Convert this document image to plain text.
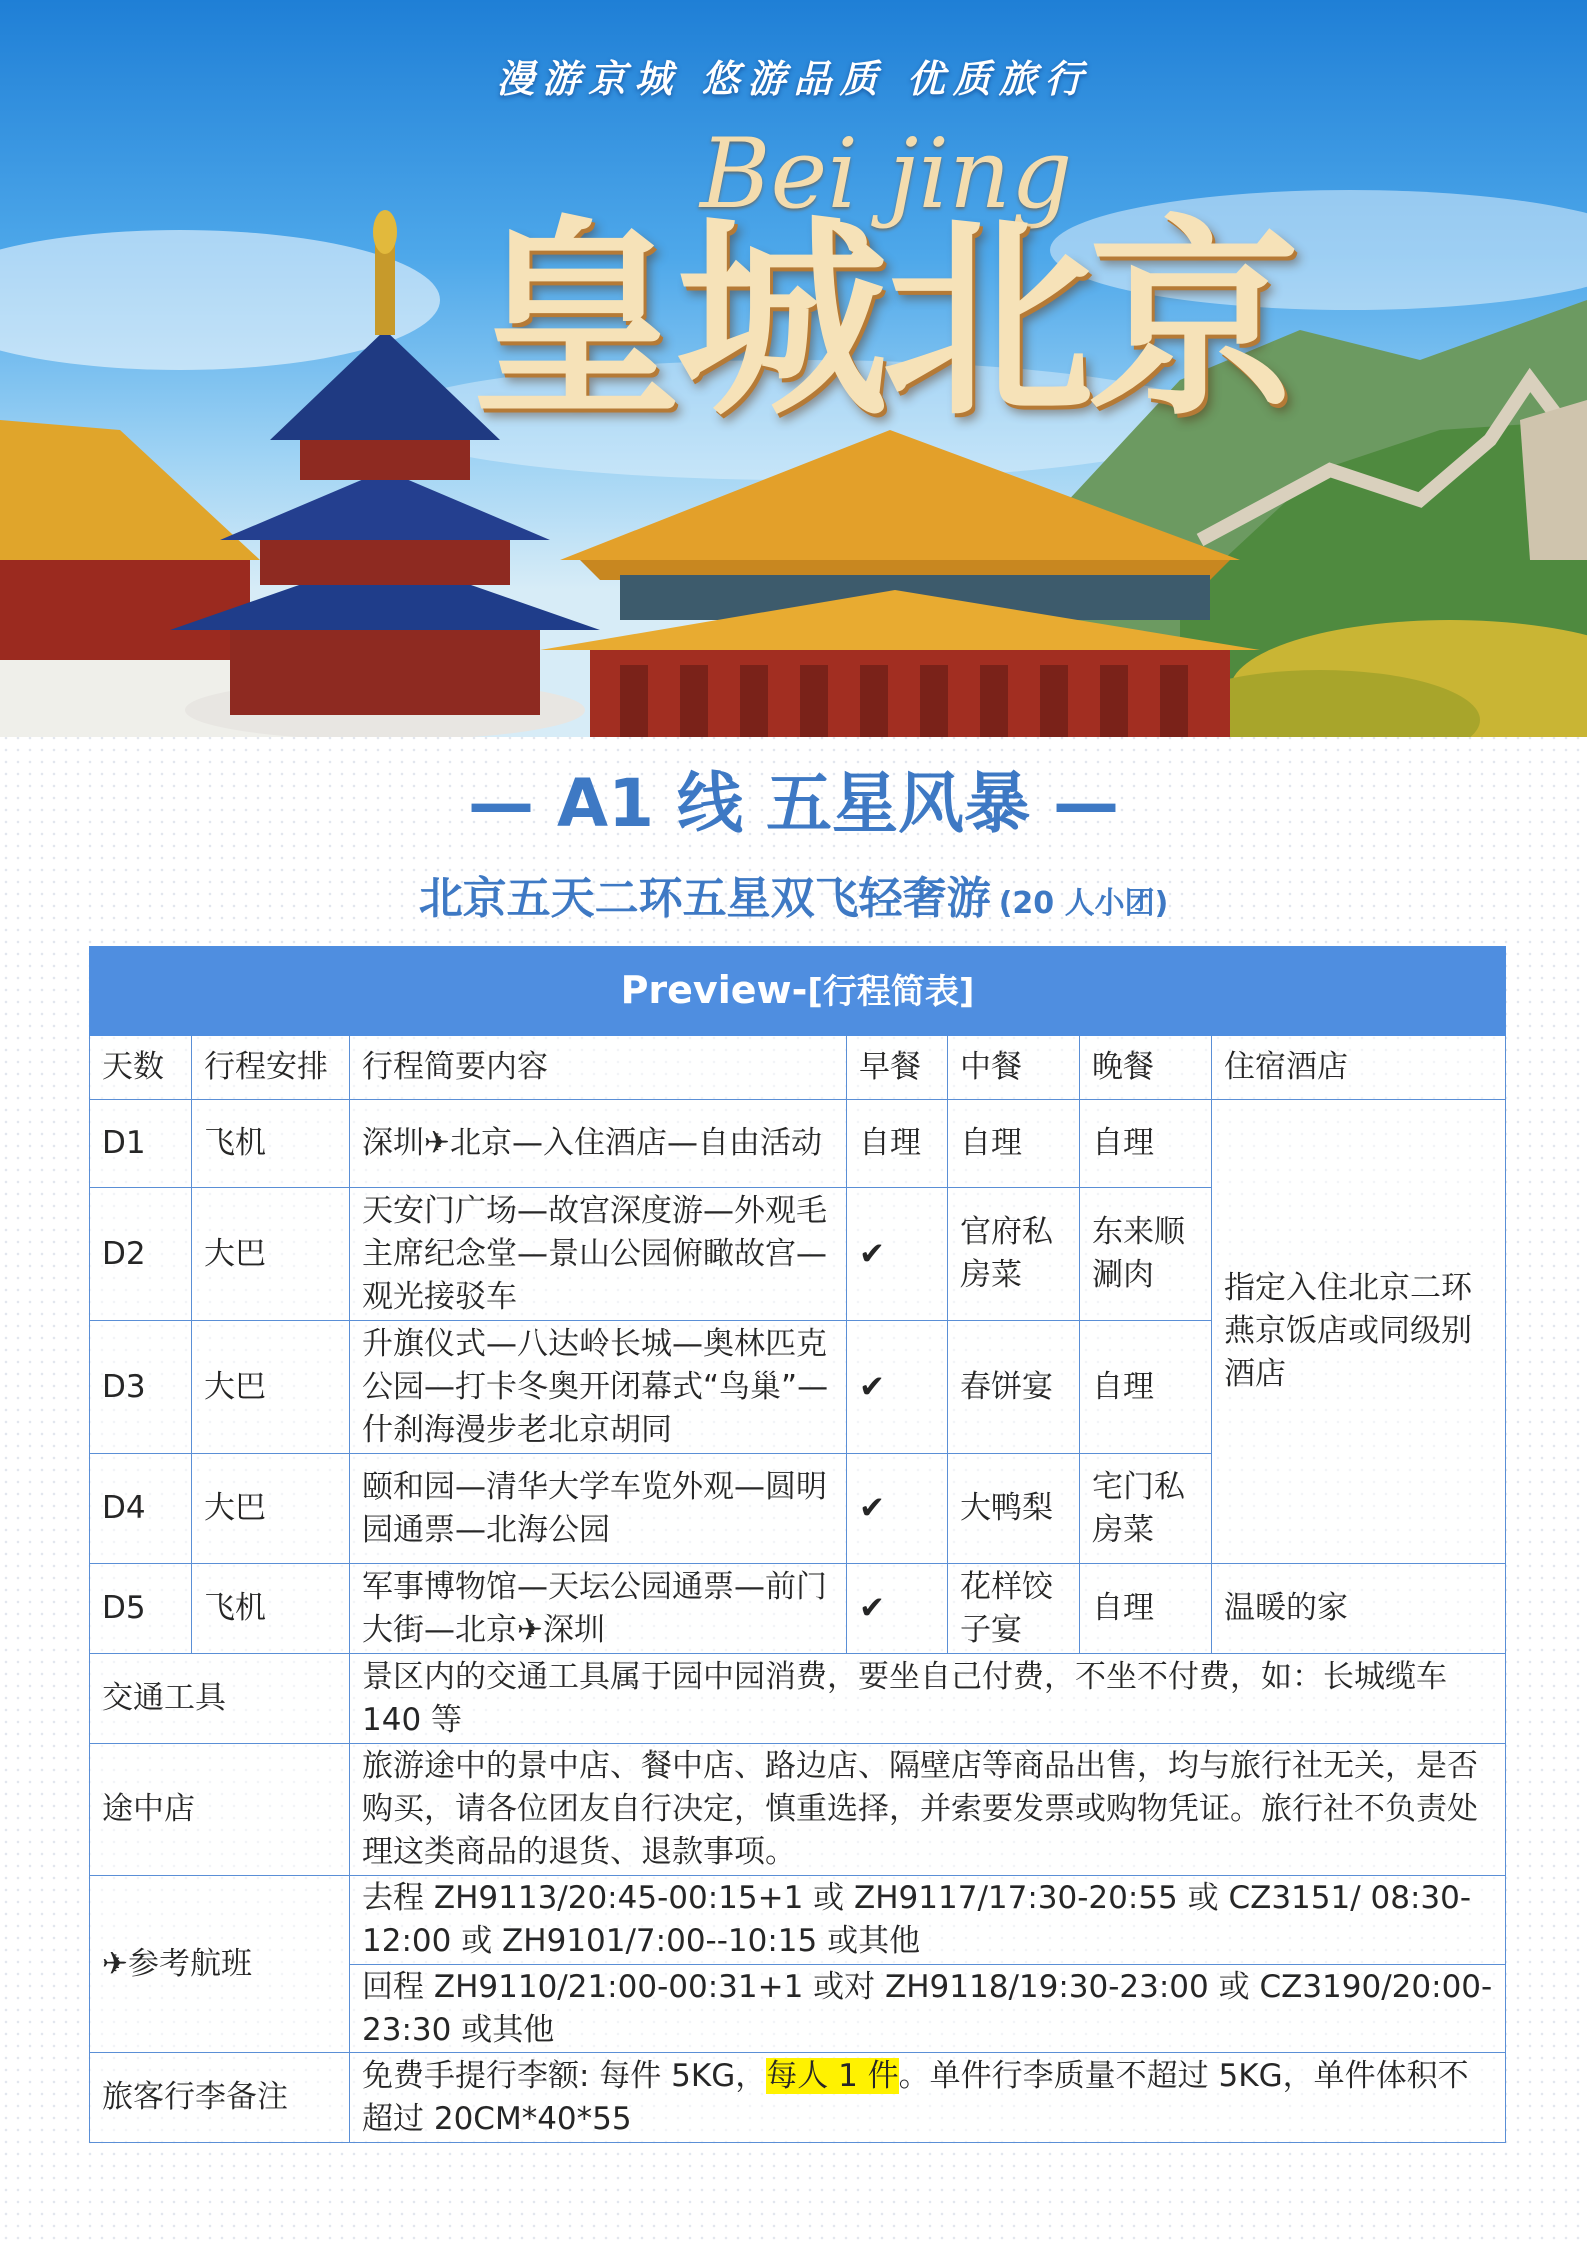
漫游京城 悠游品质 优质旅行
Bei jing
皇城北京
— A1 线 五星风暴 —
北京五天二环五星双飞轻奢游 (20 人小团)
Preview-[行程简表]						
天数	行程安排	行程简要内容	早餐	中餐	晚餐	住宿酒店
D1	飞机	深圳✈北京—入住酒店—自由活动	自理	自理	自理	指定入住北京二环燕京饭店或同级别酒店
D2	大巴	天安门广场—故宫深度游—外观毛主席纪念堂—景山公园俯瞰故宫—观光接驳车	✔	官府私房菜	东来顺涮肉	
D3	大巴	升旗仪式—八达岭长城—奥林匹克公园—打卡冬奥开闭幕式“鸟巢”—什刹海漫步老北京胡同	✔	春饼宴	自理	
D4	大巴	颐和园—清华大学车览外观—圆明园通票—北海公园	✔	大鸭梨	宅门私房菜	
D5	飞机	军事博物馆—天坛公园通票—前门大街—北京✈深圳	✔	花样饺子宴	自理	温暖的家
交通工具		景区内的交通工具属于园中园消费，要坐自己付费，不坐不付费，如：长城缆车 140 等				
途中店		旅游途中的景中店、餐中店、路边店、隔壁店等商品出售，均与旅行社无关，是否购买，请各位团友自行决定，慎重选择，并索要发票或购物凭证。旅行社不负责处理这类商品的退货、退款事项。				
✈参考航班		去程 ZH9113/20:45-00:15+1 或 ZH9117/17:30-20:55 或 CZ3151/ 08:30-12:00 或 ZH9101/7:00--10:15 或其他				
		回程 ZH9110/21:00-00:31+1 或对 ZH9118/19:30-23:00 或 CZ3190/20:00-23:30 或其他				
旅客行李备注		免费手提行李额: 每件 5KG，每人 1 件。单件行李质量不超过 5KG，单件体积不超过 20CM*40*55				
